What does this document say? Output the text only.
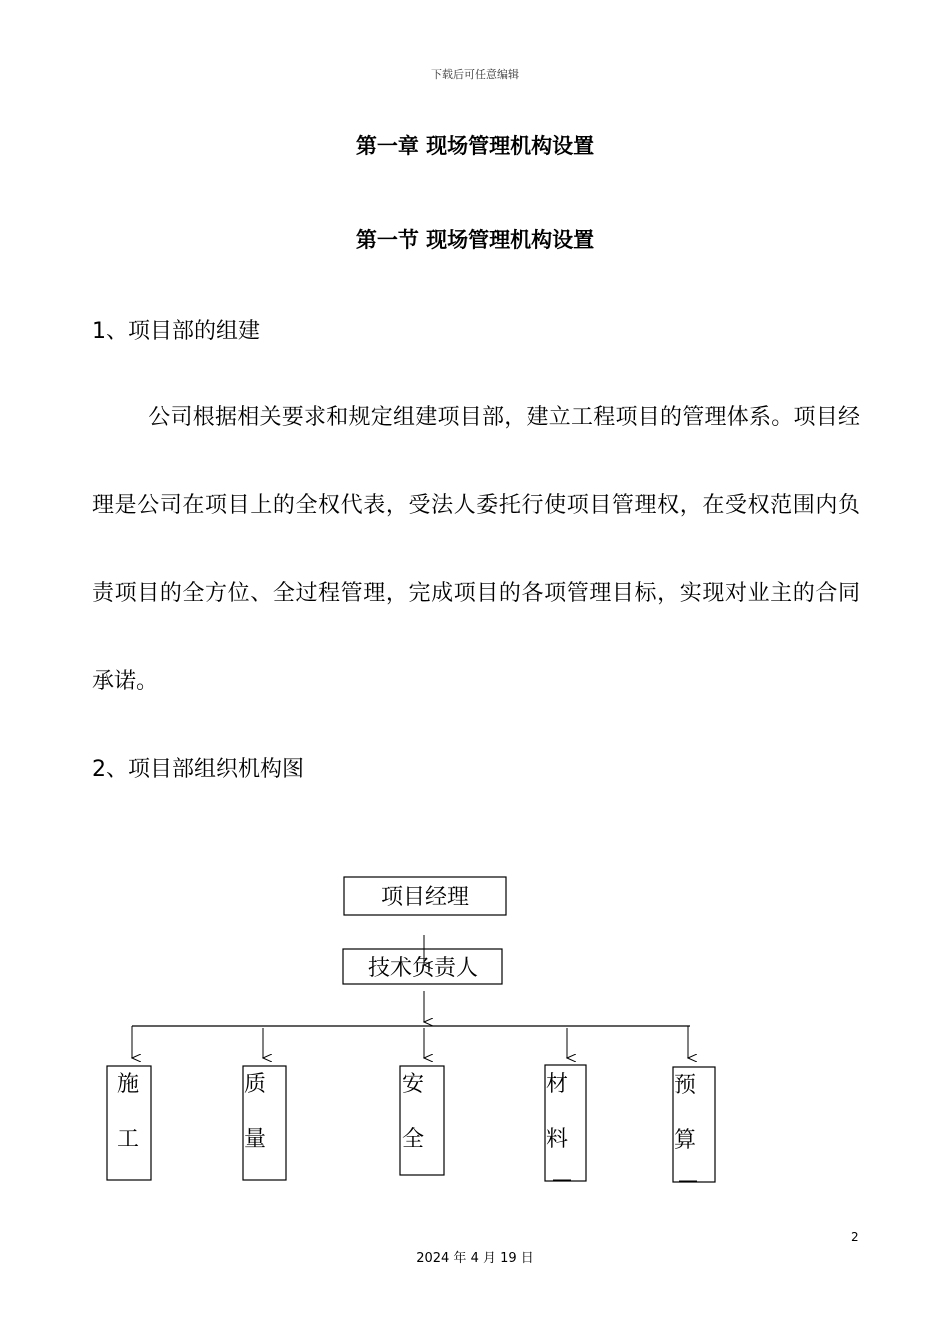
下载后可任意编辑
第一章 现场管理机构设置
第一节 现场管理机构设置
1、项目部的组建
公司根据相关要求和规定组建项目部，建立工程项目的管理体系。项目经理是公司在项目上的全权代表，受法人委托行使项目管理权，在受权范围内负责项目的全方位、全过程管理，完成项目的各项管理目标，实现对业主的合同承诺。
2、项目部组织机构图
项目经理
技术负责人
施
工
质
量
安
全
材
料
预
算
2
2024 年 4 月 19 日
